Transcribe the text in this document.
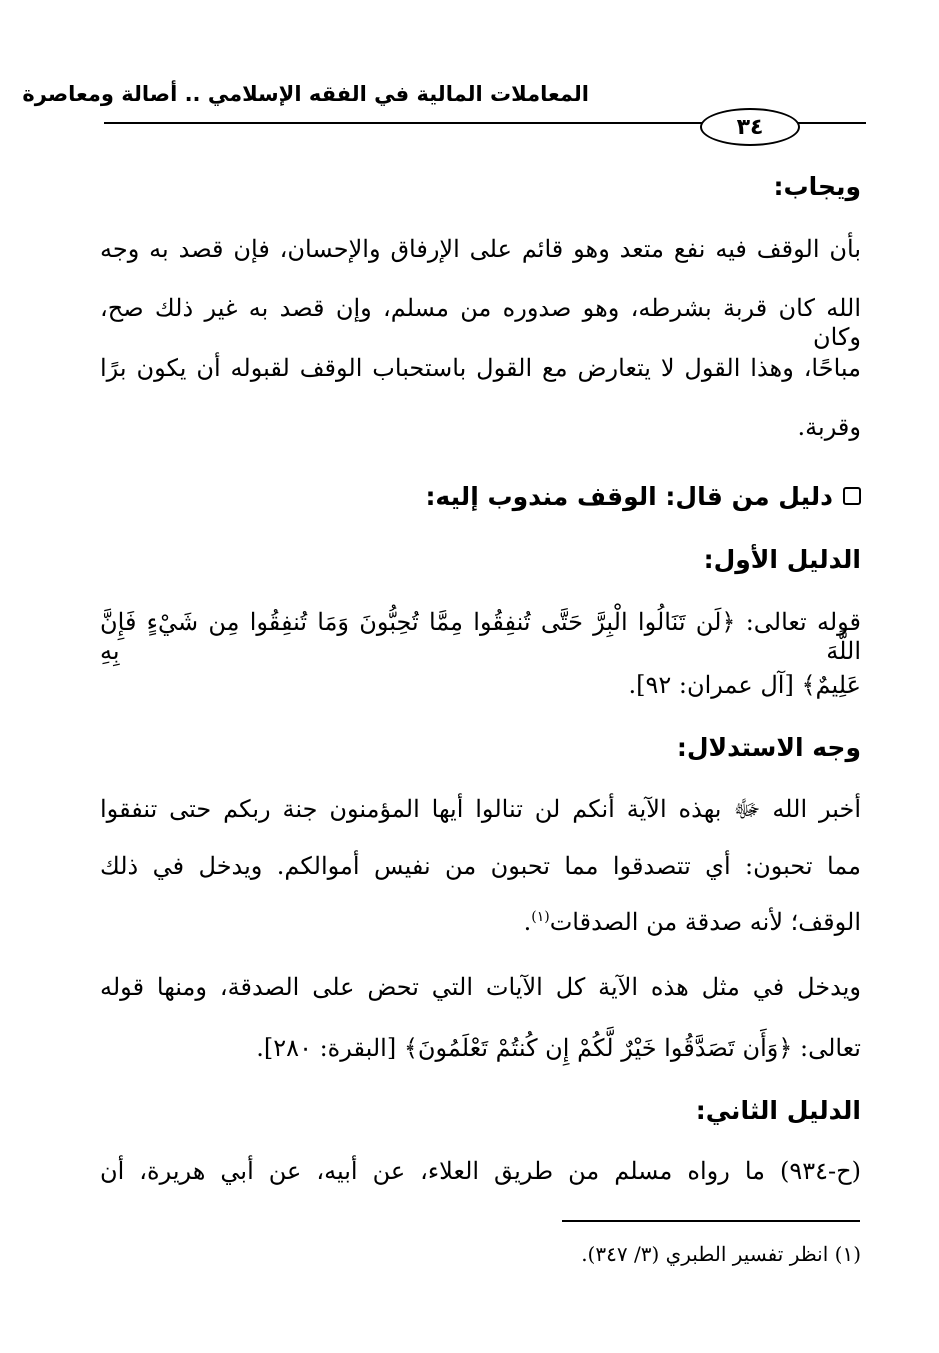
المعاملات المالية في الفقه الإسلامي .. أصالة ومعاصرة
٣٤
ويجاب:
بأن الوقف فيه نفع متعد وهو قائم على الإرفاق والإحسان، فإن قصد به وجه
الله كان قربة بشرطه، وهو صدوره من مسلم، وإن قصد به غير ذلك صح، وكان
مباحًا، وهذا القول لا يتعارض مع القول باستحباب الوقف لقبوله أن يكون برًا
وقربة.
دليل من قال: الوقف مندوب إليه:
الدليل الأول:
قوله تعالى: ﴿لَن تَنَالُوا الْبِرَّ حَتَّى تُنفِقُوا مِمَّا تُحِبُّونَ وَمَا تُنفِقُوا مِن شَيْءٍ فَإِنَّ اللَّهَ بِهِ
عَلِيمٌ﴾ [آل عمران: ٩٢].
وجه الاستدلال:
أخبر الله ﷻ بهذه الآية أنكم لن تنالوا أيها المؤمنون جنة ربكم حتى تنفقوا
مما تحبون: أي تتصدقوا مما تحبون من نفيس أموالكم. ويدخل في ذلك
الوقف؛ لأنه صدقة من الصدقات$^{(١)}$.
ويدخل في مثل هذه الآية كل الآيات التي تحض على الصدقة، ومنها قوله
تعالى: ﴿وَأَن تَصَدَّقُوا خَيْرٌ لَّكُمْ إِن كُنتُمْ تَعْلَمُونَ﴾ [البقرة: ٢٨٠].
الدليل الثاني:
(ح-٩٣٤) ما رواه مسلم من طريق العلاء، عن أبيه، عن أبي هريرة، أن
(١) انظر تفسير الطبري (٣/ ٣٤٧).
